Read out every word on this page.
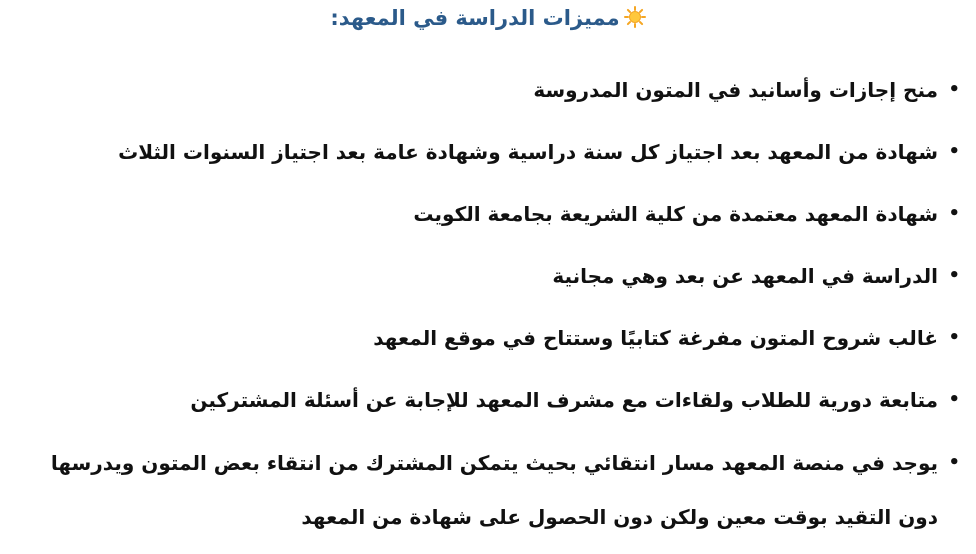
مميزات الدراسة في المعهد:
•
منح إجازات وأسانيد في المتون المدروسة
•
شهادة من المعهد بعد اجتياز كل سنة دراسية وشهادة عامة بعد اجتياز السنوات الثلاث
•
شهادة المعهد معتمدة من كلية الشريعة بجامعة الكويت
•
الدراسة في المعهد عن بعد وهي مجانية
•
غالب شروح المتون مفرغة كتابيًا وستتاح في موقع المعهد
•
متابعة دورية للطلاب ولقاءات مع مشرف المعهد للإجابة عن أسئلة المشتركين
•
يوجد في منصة المعهد مسار انتقائي بحيث يتمكن المشترك من انتقاء بعض المتون ويدرسها دون التقيد بوقت معين ولكن دون الحصول على شهادة من المعهد
